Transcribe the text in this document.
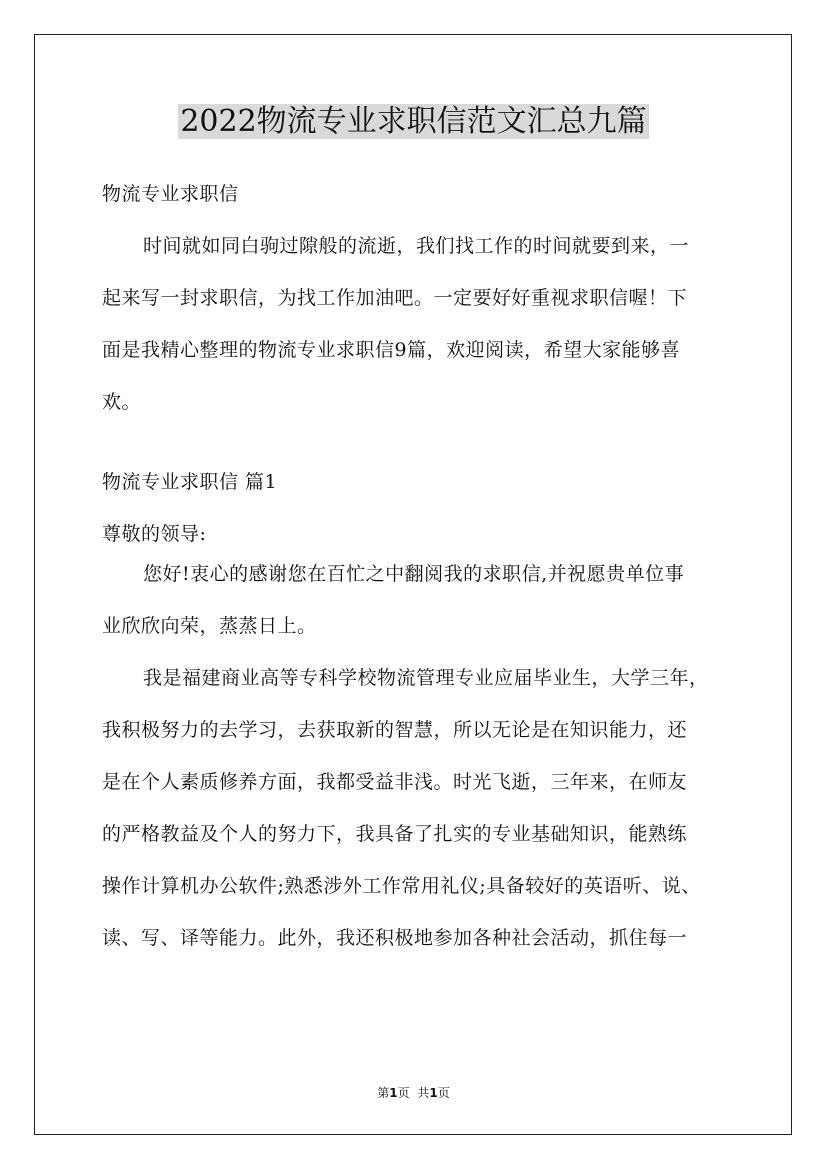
2022物流专业求职信范文汇总九篇
物流专业求职信
时间就如同白驹过隙般的流逝，我们找工作的时间就要到来，一
起来写一封求职信，为找工作加油吧。一定要好好重视求职信喔！下
面是我精心整理的物流专业求职信9篇，欢迎阅读，希望大家能够喜
欢。
物流专业求职信 篇1
尊敬的领导:
您好!衷心的感谢您在百忙之中翻阅我的求职信,并祝愿贵单位事
业欣欣向荣，蒸蒸日上。
我是福建商业高等专科学校物流管理专业应届毕业生，大学三年，
我积极努力的去学习，去获取新的智慧，所以无论是在知识能力，还
是在个人素质修养方面，我都受益非浅。时光飞逝，三年来，在师友
的严格教益及个人的努力下，我具备了扎实的专业基础知识，能熟练
操作计算机办公软件;熟悉涉外工作常用礼仪;具备较好的英语听、说、
读、写、译等能力。此外，我还积极地参加各种社会活动，抓住每一
第1页 共1页
